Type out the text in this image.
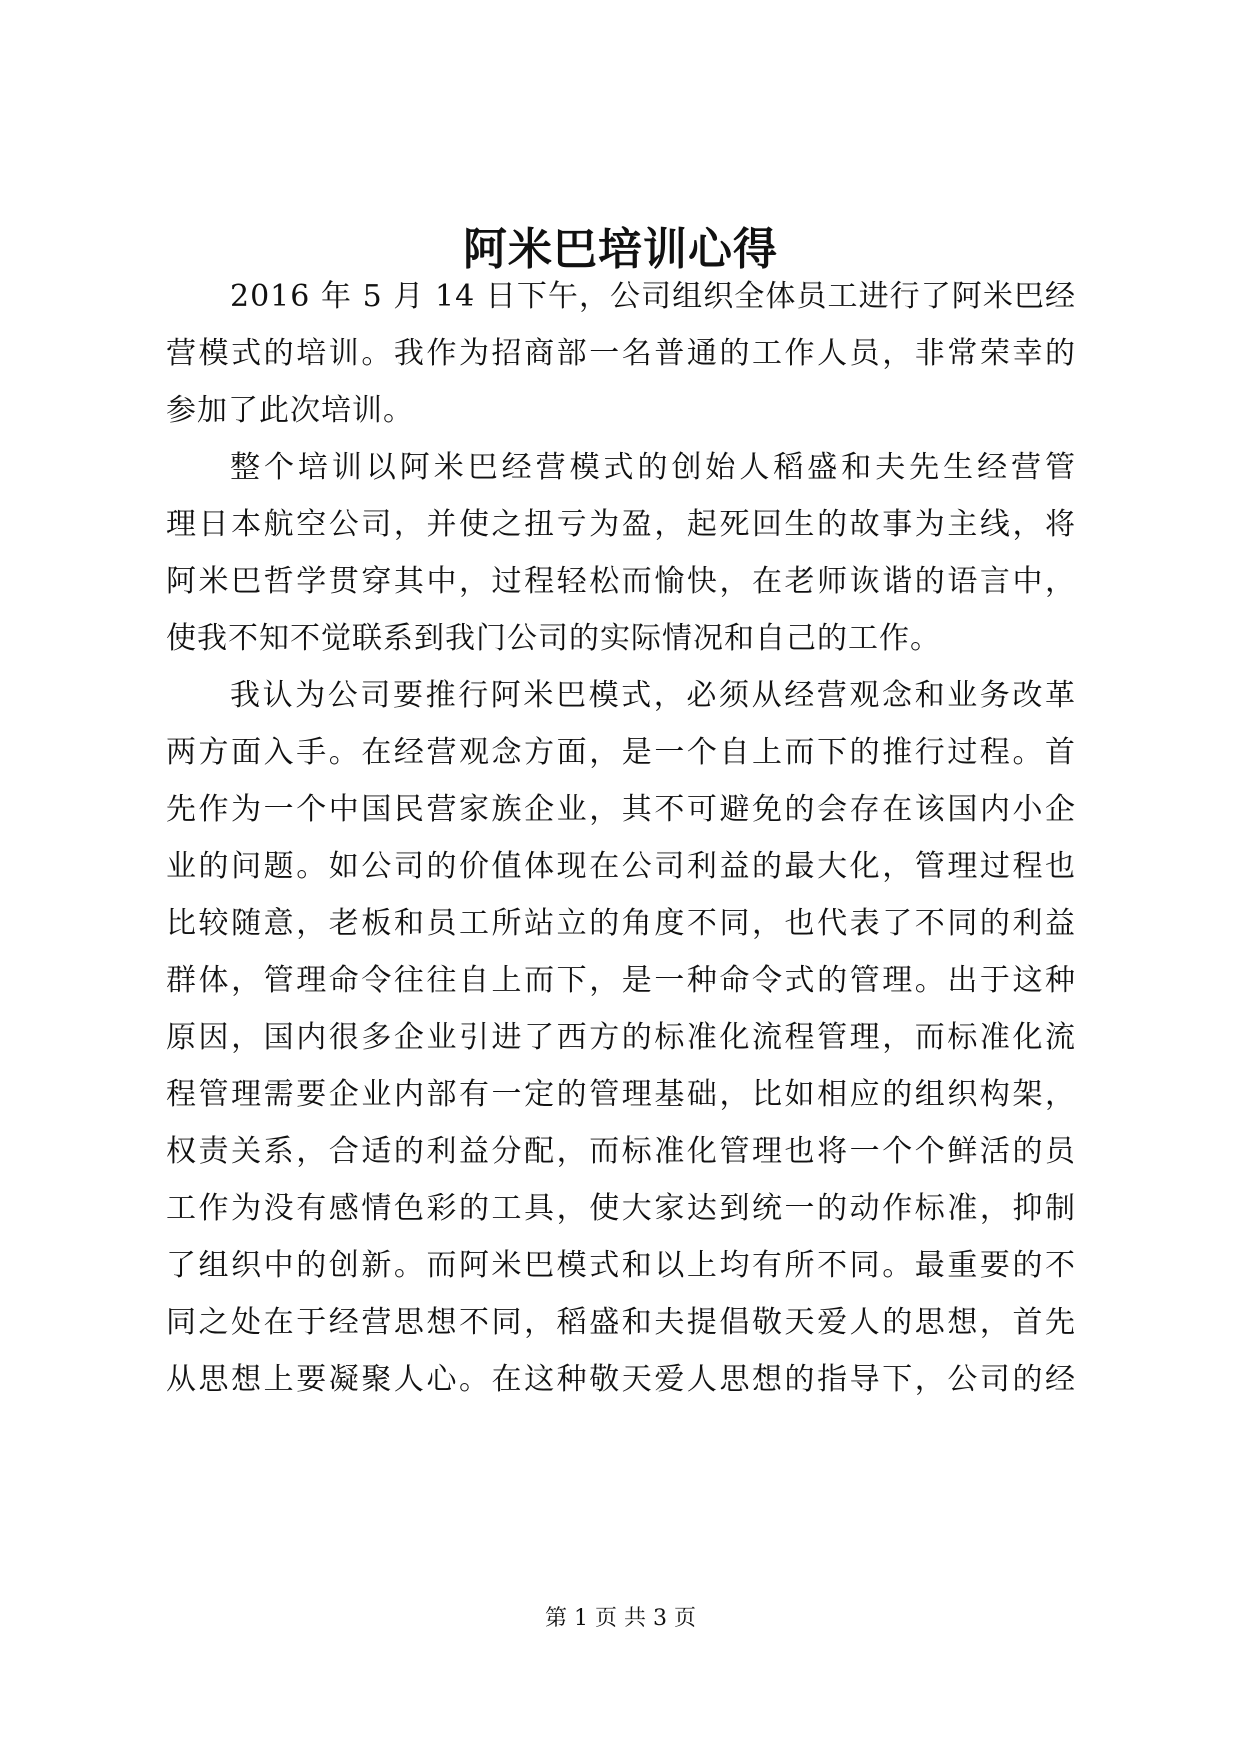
阿米巴培训心得
2016 年 5 月 14 日下午，公司组织全体员工进行了阿米巴经
营模式的培训。我作为招商部一名普通的工作人员，非常荣幸的
参加了此次培训。
整个培训以阿米巴经营模式的创始人稻盛和夫先生经营管
理日本航空公司，并使之扭亏为盈，起死回生的故事为主线，将
阿米巴哲学贯穿其中，过程轻松而愉快，在老师诙谐的语言中，
使我不知不觉联系到我门公司的实际情况和自己的工作。
我认为公司要推行阿米巴模式，必须从经营观念和业务改革
两方面入手。在经营观念方面，是一个自上而下的推行过程。首
先作为一个中国民营家族企业，其不可避免的会存在该国内小企
业的问题。如公司的价值体现在公司利益的最大化，管理过程也
比较随意，老板和员工所站立的角度不同，也代表了不同的利益
群体，管理命令往往自上而下，是一种命令式的管理。出于这种
原因，国内很多企业引进了西方的标准化流程管理，而标准化流
程管理需要企业内部有一定的管理基础，比如相应的组织构架，
权责关系，合适的利益分配，而标准化管理也将一个个鲜活的员
工作为没有感情色彩的工具，使大家达到统一的动作标准，抑制
了组织中的创新。而阿米巴模式和以上均有所不同。最重要的不
同之处在于经营思想不同，稻盛和夫提倡敬天爱人的思想，首先
从思想上要凝聚人心。在这种敬天爱人思想的指导下，公司的经
第 1 页 共 3 页
